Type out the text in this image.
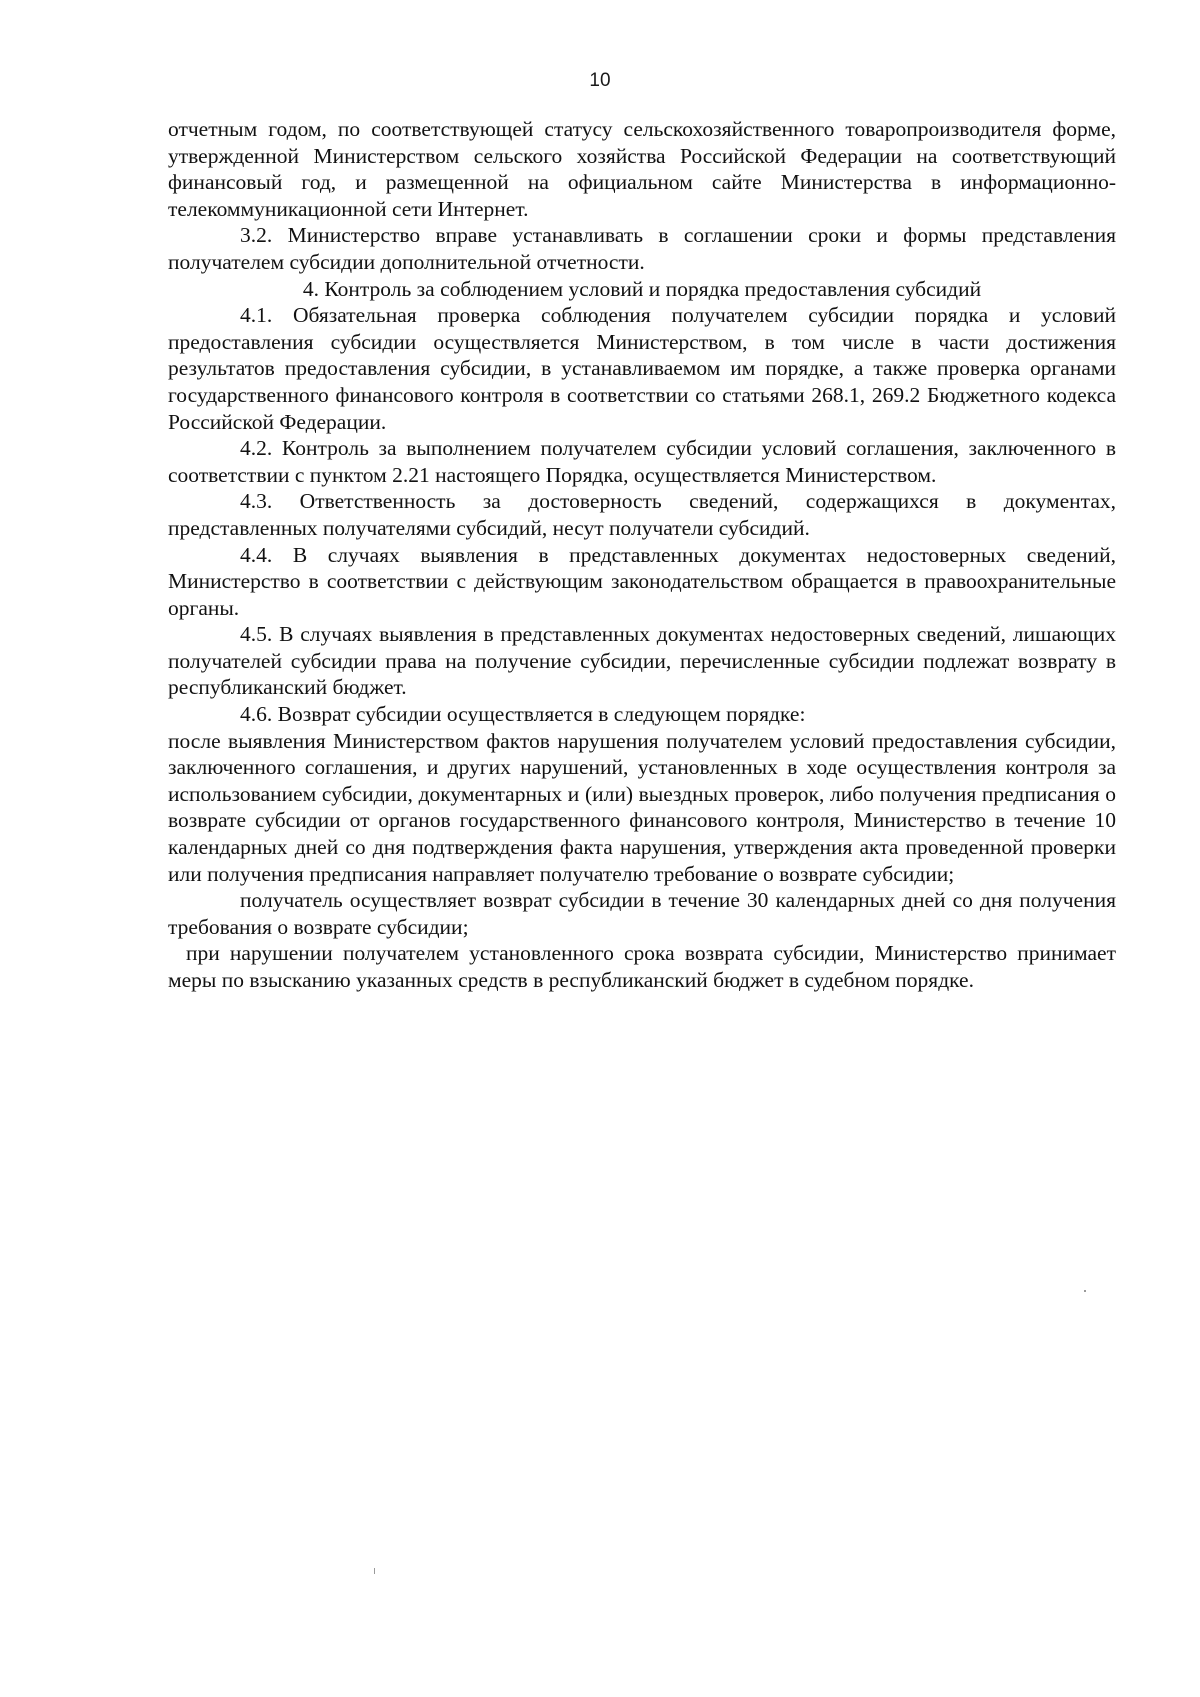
10

отчетным годом, по соответствующей статусу сельскохозяйственного товаропроизводителя форме, утвержденной Министерством сельского хозяйства Российской Федерации на соответствующий финансовый год, и размещенной на официальном сайте Министерства в информационно-телекоммуникационной сети Интернет.

3.2. Министерство вправе устанавливать в соглашении сроки и формы представления получателем субсидии дополнительной отчетности.

4. Контроль за соблюдением условий и порядка предоставления субсидий

4.1. Обязательная проверка соблюдения получателем субсидии порядка и условий предоставления субсидии осуществляется Министерством, в том числе в части достижения результатов предоставления субсидии, в устанавливаемом им порядке, а также проверка органами государственного финансового контроля в соответствии со статьями 268.1, 269.2 Бюджетного кодекса Российской Федерации.

4.2. Контроль за выполнением получателем субсидии условий соглашения, заключенного в соответствии с пунктом 2.21 настоящего Порядка, осуществляется Министерством.

4.3. Ответственность за достоверность сведений, содержащихся в документах, представленных получателями субсидий, несут получатели субсидий.

4.4. В случаях выявления в представленных документах недостоверных сведений, Министерство в соответствии с действующим законодательством обращается в правоохранительные органы.

4.5. В случаях выявления в представленных документах недостоверных сведений, лишающих получателей субсидии права на получение субсидии, перечисленные субсидии подлежат возврату в республиканский бюджет.

4.6. Возврат субсидии осуществляется в следующем порядке:

после выявления Министерством фактов нарушения получателем условий предоставления субсидии, заключенного соглашения, и других нарушений, установленных в ходе осуществления контроля за использованием субсидии, документарных и (или) выездных проверок, либо получения предписания о возврате субсидии от органов государственного финансового контроля, Министерство в течение 10 календарных дней со дня подтверждения факта нарушения, утверждения акта проведенной проверки или получения предписания направляет получателю требование о возврате субсидии;

получатель осуществляет возврат субсидии в течение 30 календарных дней со дня получения требования о возврате субсидии;

при нарушении получателем установленного срока возврата субсидии, Министерство принимает меры по взысканию указанных средств в республиканский бюджет в судебном порядке.
